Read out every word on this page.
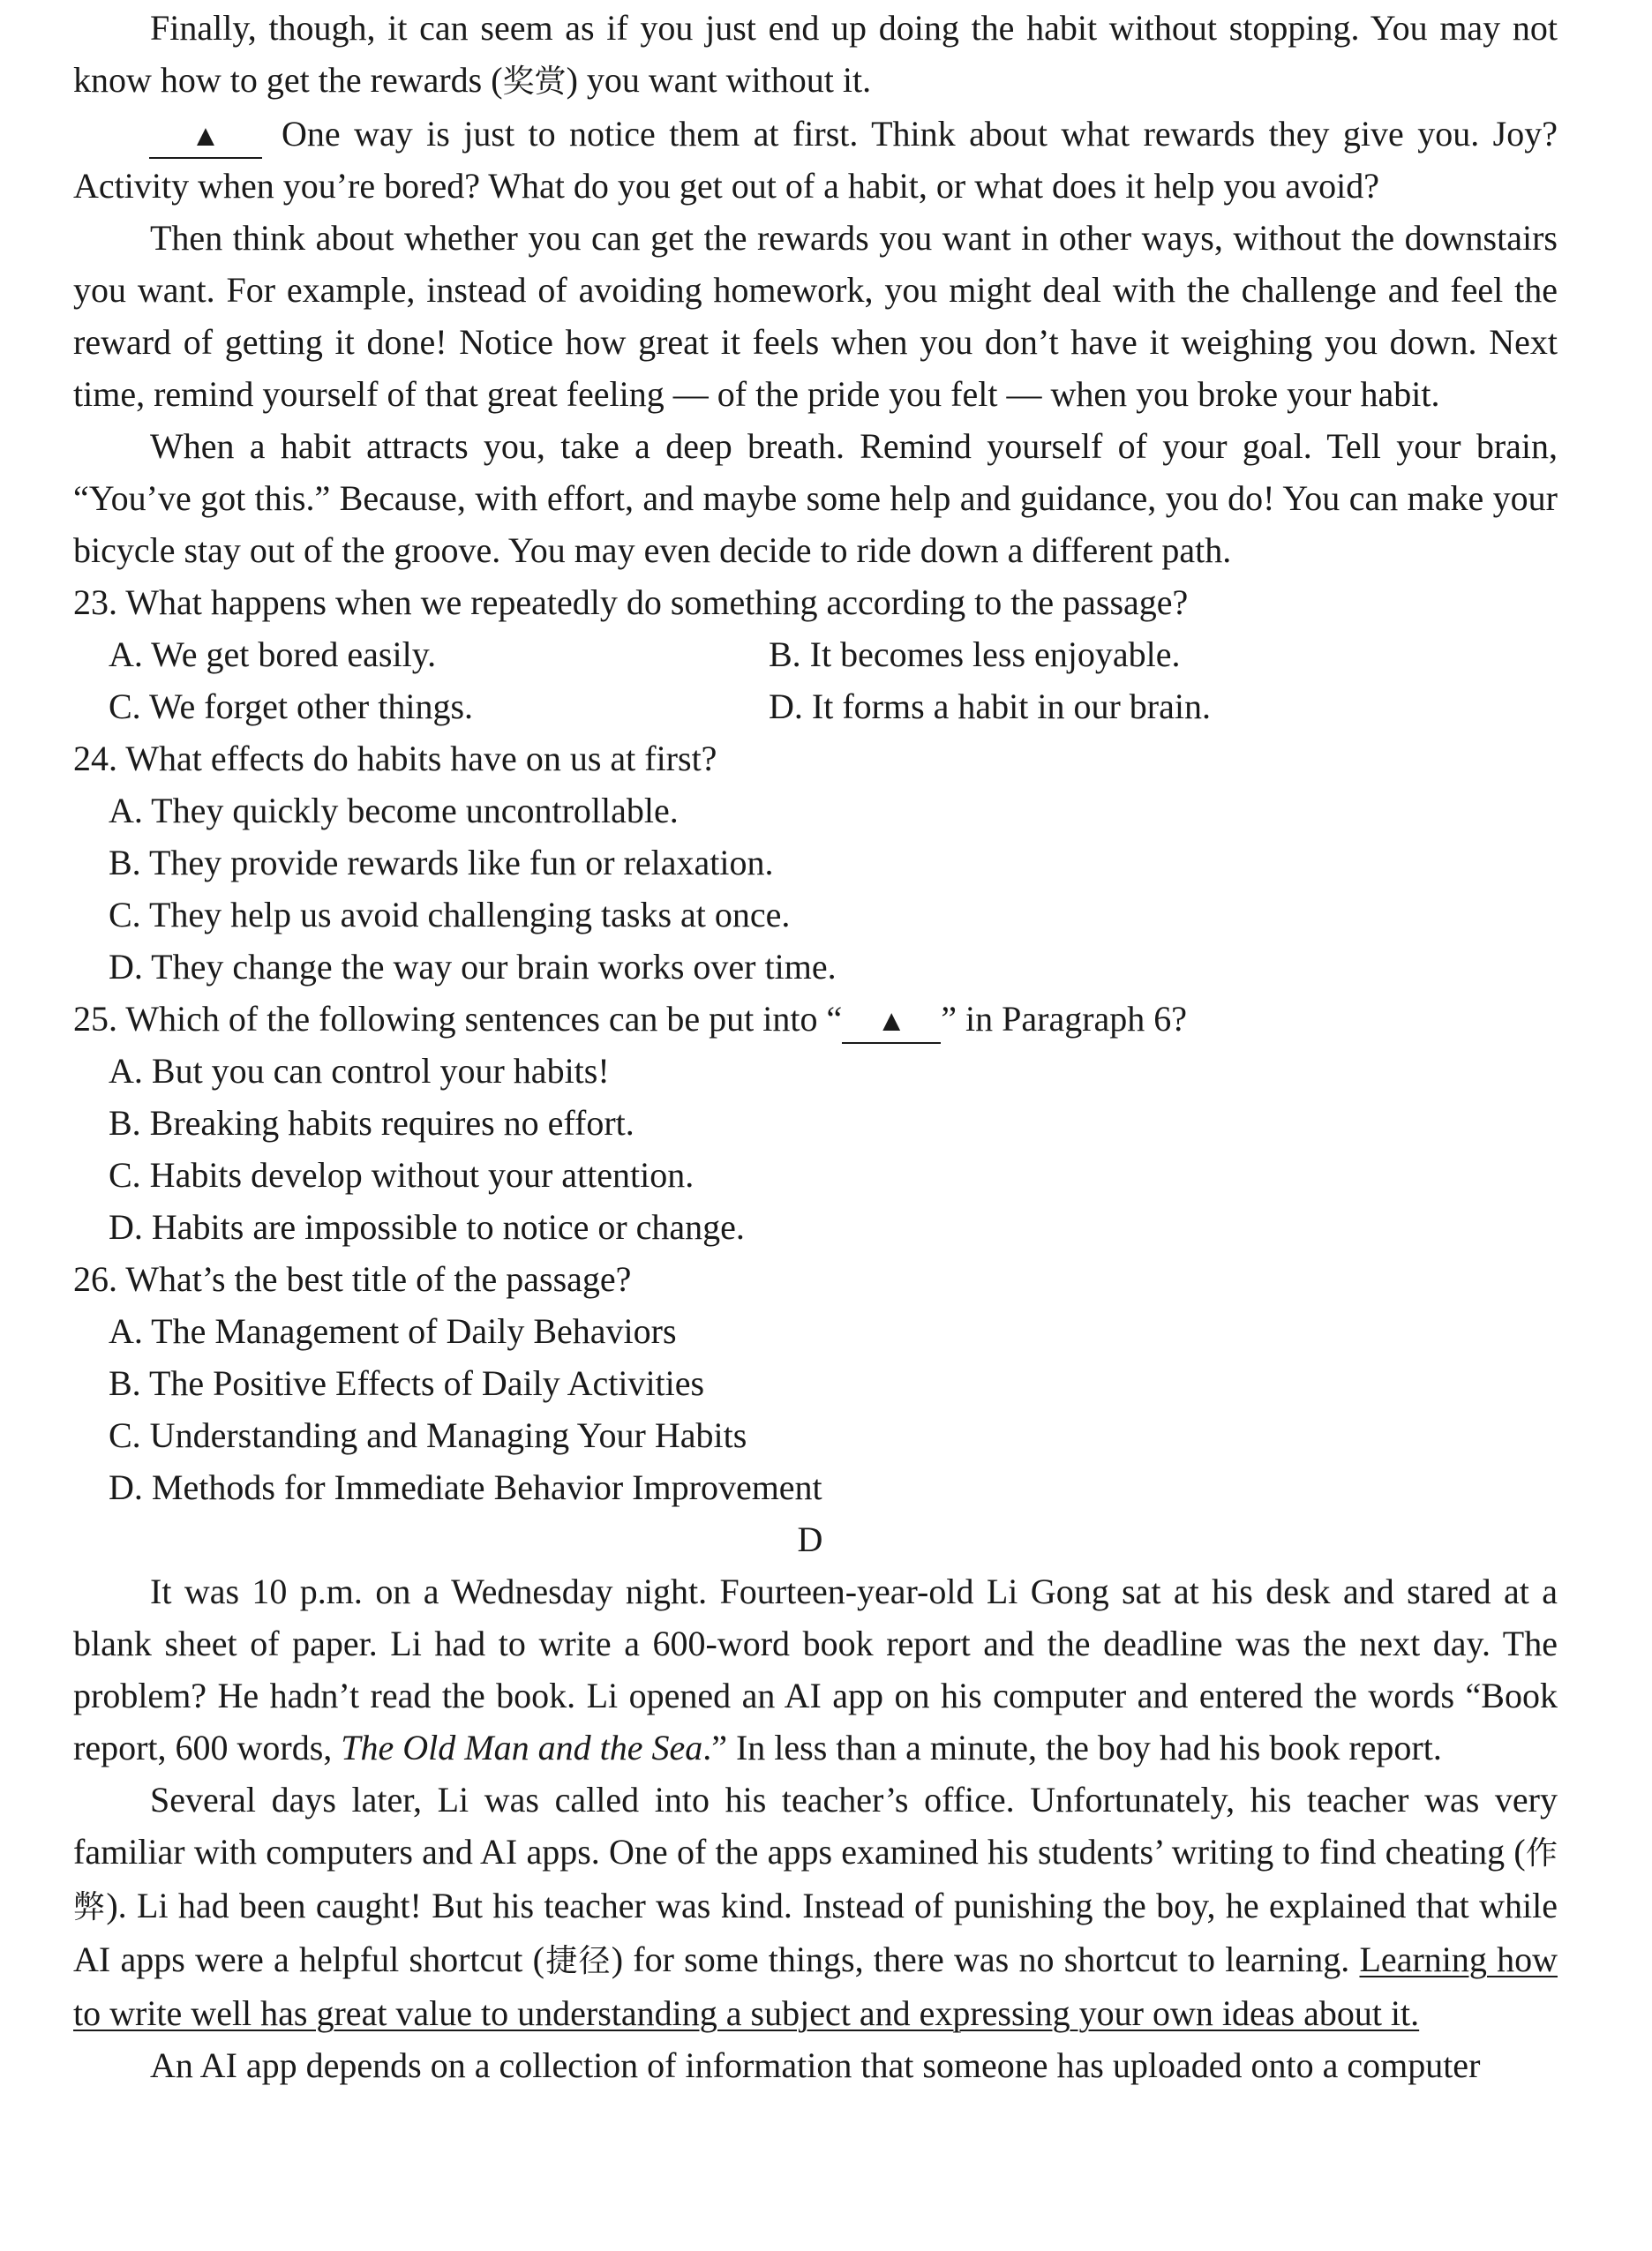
Finally, though, it can seem as if you just end up doing the habit without stopping. You may not know how to get the rewards (奖赏) you want without it.

▲ One way is just to notice them at first. Think about what rewards they give you. Joy? Activity when you’re bored? What do you get out of a habit, or what does it help you avoid?

Then think about whether you can get the rewards you want in other ways, without the downstairs you want. For example, instead of avoiding homework, you might deal with the challenge and feel the reward of getting it done! Notice how great it feels when you don’t have it weighing you down. Next time, remind yourself of that great feeling — of the pride you felt — when you broke your habit.

When a habit attracts you, take a deep breath. Remind yourself of your goal. Tell your brain, “You’ve got this.” Because, with effort, and maybe some help and guidance, you do! You can make your bicycle stay out of the groove. You may even decide to ride down a different path.

23. What happens when we repeatedly do something according to the passage?

A. We get bored easily.	B. It becomes less enjoyable.
C. We forget other things.	D. It forms a habit in our brain.

24. What effects do habits have on us at first?

A. They quickly become uncontrollable.

B. They provide rewards like fun or relaxation.

C. They help us avoid challenging tasks at once.

D. They change the way our brain works over time.

25. Which of the following sentences can be put into “ ▲ ” in Paragraph 6?

A. But you can control your habits!

B. Breaking habits requires no effort.

C. Habits develop without your attention.

D. Habits are impossible to notice or change.

26. What’s the best title of the passage?

A. The Management of Daily Behaviors

B. The Positive Effects of Daily Activities

C. Understanding and Managing Your Habits

D. Methods for Immediate Behavior Improvement

D

It was 10 p.m. on a Wednesday night. Fourteen-year-old Li Gong sat at his desk and stared at a blank sheet of paper. Li had to write a 600-word book report and the deadline was the next day. The problem? He hadn’t read the book. Li opened an AI app on his computer and entered the words “Book report, 600 words, The Old Man and the Sea.” In less than a minute, the boy had his book report.

Several days later, Li was called into his teacher’s office. Unfortunately, his teacher was very familiar with computers and AI apps. One of the apps examined his students’ writing to find cheating (作弊). Li had been caught! But his teacher was kind. Instead of punishing the boy, he explained that while AI apps were a helpful shortcut (捷径) for some things, there was no shortcut to learning. Learning how to write well has great value to understanding a subject and expressing your own ideas about it.

An AI app depends on a collection of information that someone has uploaded onto a computer
